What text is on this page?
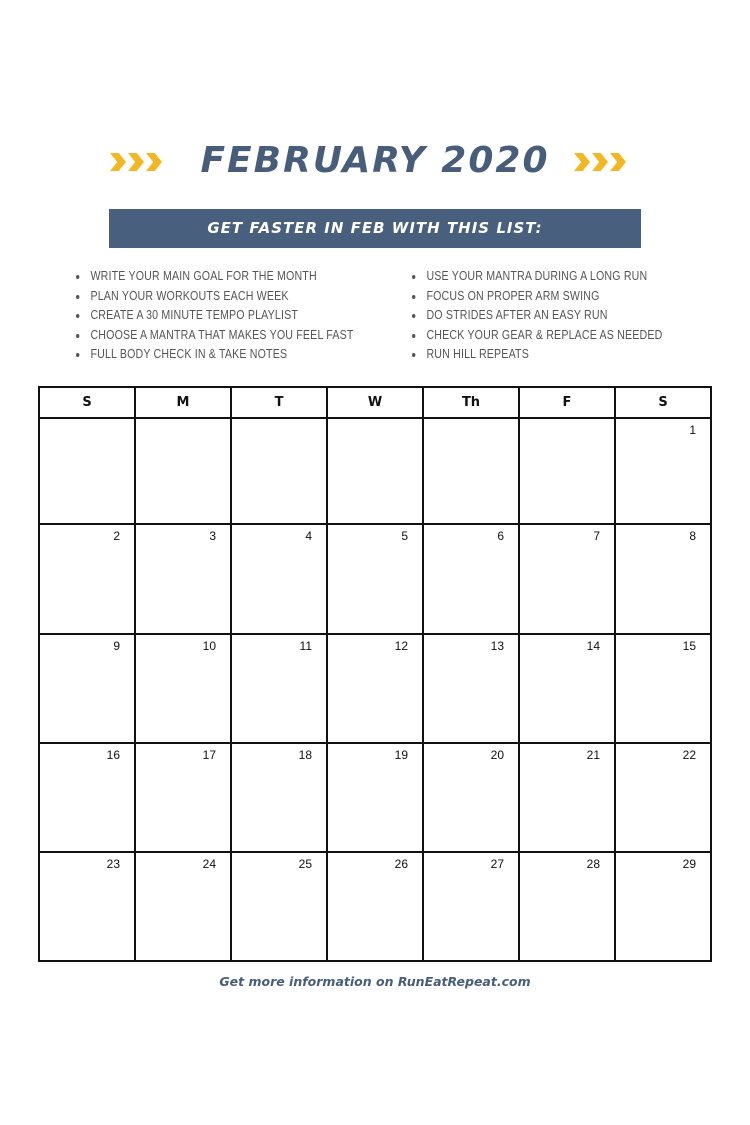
FEBRUARY 2020
GET FASTER IN FEB WITH THIS LIST:
WRITE YOUR MAIN GOAL FOR THE MONTH
PLAN YOUR WORKOUTS EACH WEEK
CREATE A 30 MINUTE TEMPO PLAYLIST
CHOOSE A MANTRA THAT MAKES YOU FEEL FAST
FULL BODY CHECK IN & TAKE NOTES
USE YOUR MANTRA DURING A LONG RUN
FOCUS ON PROPER ARM SWING
DO STRIDES AFTER AN EASY RUN
CHECK YOUR GEAR & REPLACE AS NEEDED
RUN HILL REPEATS
S	M	T	W	Th	F	S
						1
2	3	4	5	6	7	8
9	10	11	12	13	14	15
16	17	18	19	20	21	22
23	24	25	26	27	28	29
Get more information on RunEatRepeat.com
